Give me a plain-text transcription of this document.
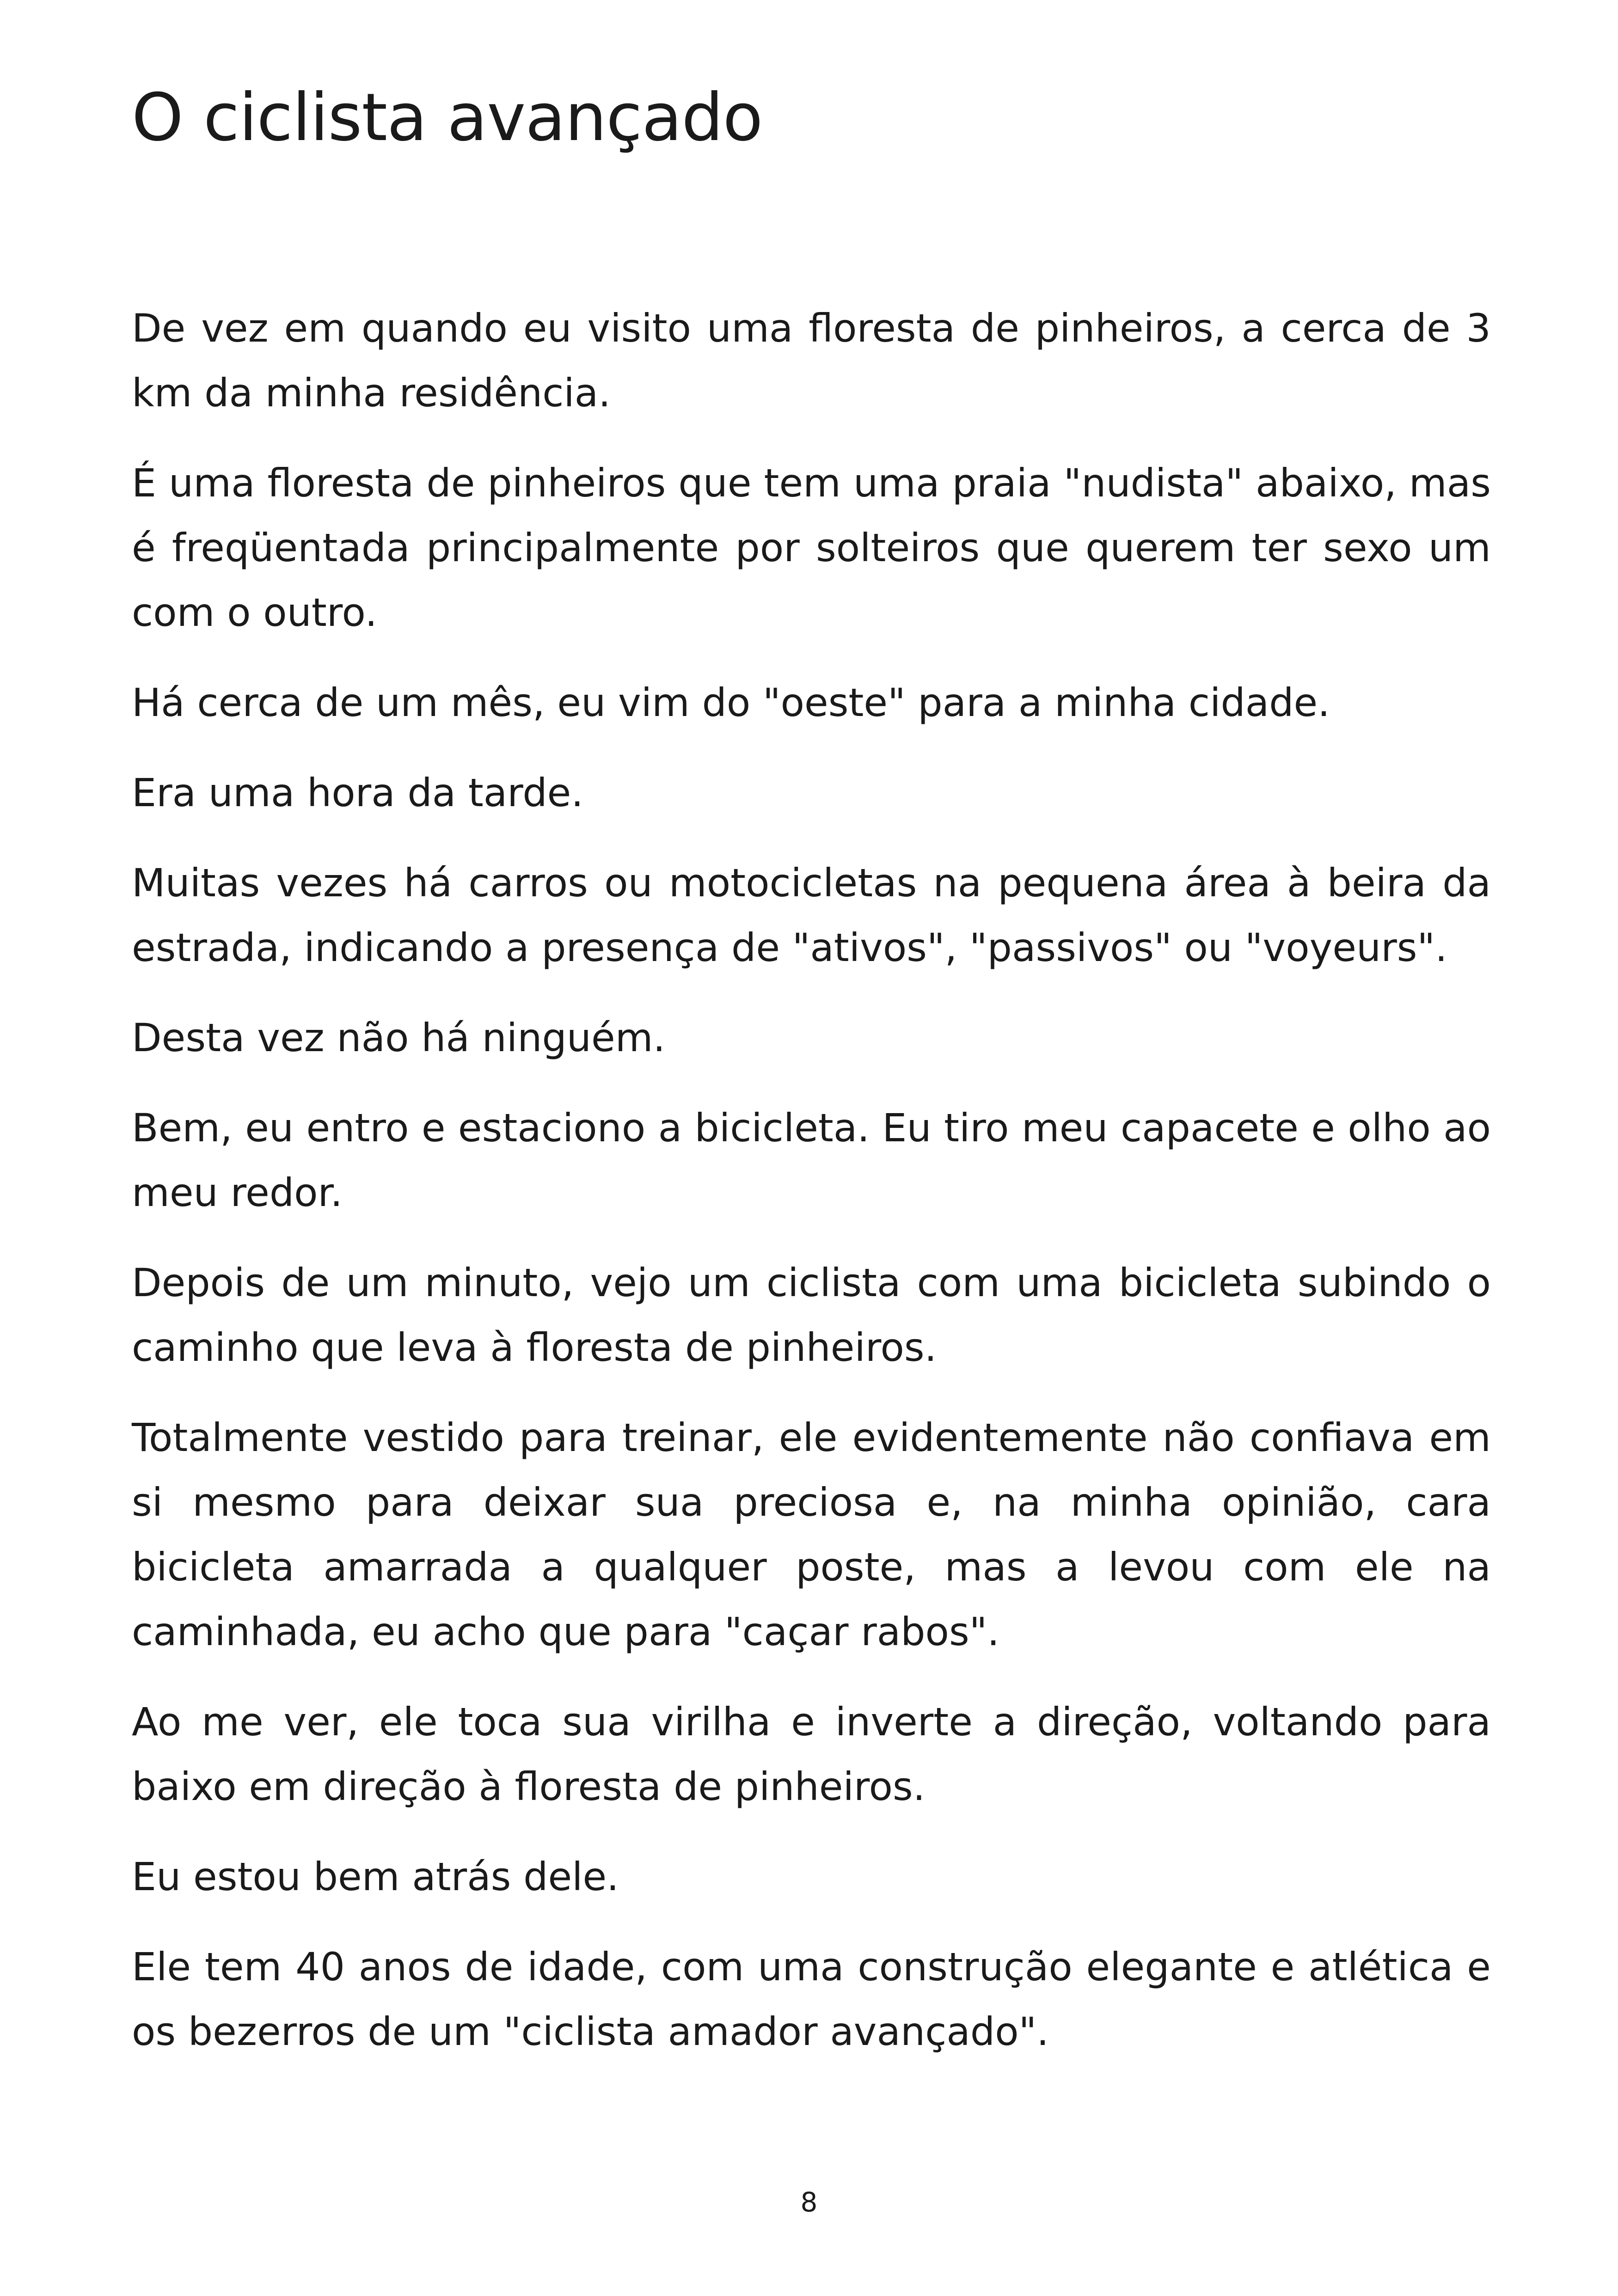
O ciclista avançado

De vez em quando eu visito uma floresta de pinheiros, a cerca de 3 km da minha residência.

É uma floresta de pinheiros que tem uma praia "nudista" abaixo, mas é freqüentada principalmente por solteiros que querem ter sexo um com o outro.

Há cerca de um mês, eu vim do "oeste" para a minha cidade.

Era uma hora da tarde.

Muitas vezes há carros ou motocicletas na pequena área à beira da estrada, indicando a presença de "ativos", "passivos" ou "voyeurs".

Desta vez não há ninguém.

Bem, eu entro e estaciono a bicicleta. Eu tiro meu capacete e olho ao meu redor.

Depois de um minuto, vejo um ciclista com uma bicicleta subindo o caminho que leva à floresta de pinheiros.

Totalmente vestido para treinar, ele evidentemente não confiava em si mesmo para deixar sua preciosa e, na minha opinião, cara bicicleta amarrada a qualquer poste, mas a levou com ele na caminhada, eu acho que para "caçar rabos".

Ao me ver, ele toca sua virilha e inverte a direção, voltando para baixo em direção à floresta de pinheiros.

Eu estou bem atrás dele.

Ele tem 40 anos de idade, com uma construção elegante e atlética e os bezerros de um "ciclista amador avançado".

8
